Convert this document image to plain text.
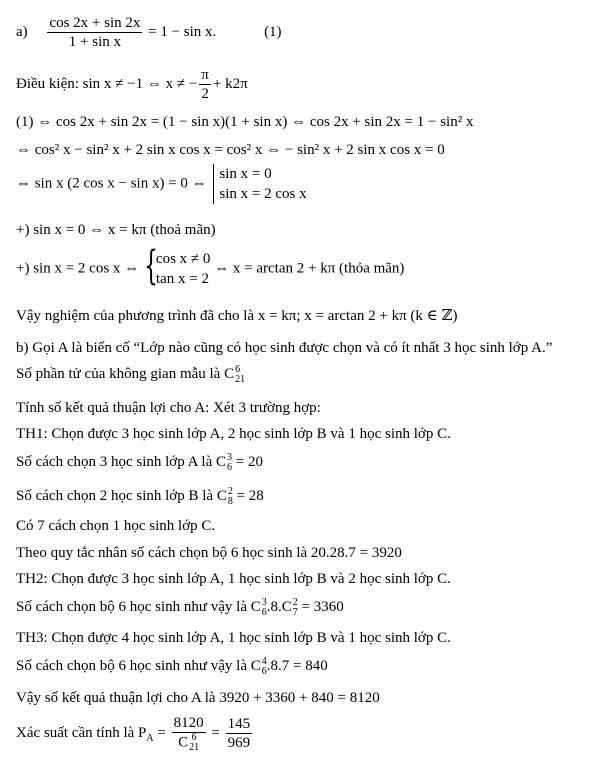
$a) \frac{\cos 2x + \sin 2x}{\text{1 + sin x}} = 1 - \sin x$.	(1)
Điều kiện: sin x ≠ −1 ⇔ x ≠ − $\frac{\pi}{2} + k2\pi$
(1) ⇔ cos 2x + sin 2x = (1 − sin x)(1 + sin x) ⇔ cos 2x + sin 2x = 1 − sin² x
⇔ cos² x − sin² x + 2 sin x cos x = cos² x ⇔ − sin² x + 2 sin x cos x = 0
⇔ sin x (2 cos x − sin x) = 0 ⇔
sin x = 0
sin x = 2 cos x
+) sin x = 0 ⇔ x = kπ (thoả mãn)
+) sin x = 2 cos x ⇔
{ cos x ≠ 0
tan x = 2
⇔ x = arctan 2 + kπ (thỏa mãn)
Vậy nghiệm của phương trình đã cho là x = kπ; x = arctan 2 + kπ (k ∈ ℤ)
b) Gọi A là biến cố “Lớp nào cũng có học sinh được chọn và có ít nhất 3 học sinh lớp A.”
Số phần tử của không gian mẫu là C 6
21
Tính số kết quả thuận lợi cho A: Xét 3 trường hợp:
TH1: Chọn được 3 học sinh lớp A, 2 học sinh lớp B và 1 học sinh lớp C.
Số cách chọn 3 học sinh lớp A là C 3
6 = 20
Số cách chọn 2 học sinh lớp B là C 2
8 = 28
Có 7 cách chọn 1 học sinh lớp C.
Theo quy tắc nhân số cách chọn bộ 6 học sinh là 20.28.7 = 3920
TH2: Chọn được 3 học sinh lớp A, 1 học sinh lớp B và 2 học sinh lớp C.
Số cách chọn bộ 6 học sinh như vậy là C 3
6 .8.C 2
7 = 3360
TH3: Chọn được 4 học sinh lớp A, 1 học sinh lớp B và 1 học sinh lớp C.
Số cách chọn bộ 6 học sinh như vậy là C 4
6 .8.7 = 840
Vậy số kết quả thuận lợi cho A là 3920 + 3360 + 840 = 8120
Xác suất cần tính là $P_A = 8120$
C 6
$21 = \frac{145}{969}$
